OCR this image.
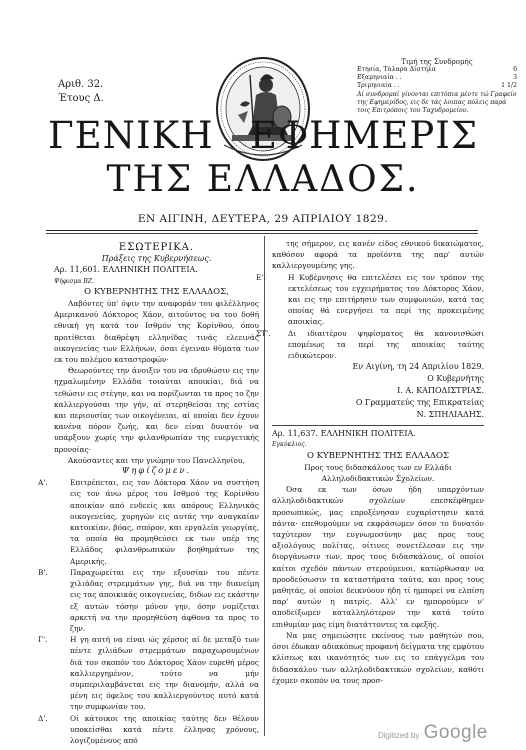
Αριθ. 32.
Έτους Δ.
Τιμή της Συνδρομής
Ετησία, Τάλαρα Δίστηλα	6
Εξαμηνιαία . .	3
Τριμηνιαία . .	1 1/2
Αί συνδρομαί γίνονται επιτόπια μέντε τώ Γραφείο της Εφημερίδος, εις δε τάς λοιπας πόλεις παρά τοις Επιτρόποις του Ταχυδρομείου.
ΓΕΝΙΚΗ ΕΦΗΜΕΡΙΣ
ΤΗΣ ΕΛΛΑΔΟΣ.
ΕΝ ΑΙΓΙΝΗ, ΔΕΥΤΕΡΑ, 29 ΑΠΡΙΛΙΟΥ 1829.

ΕΣΩΤΕΡΙΚΑ.

Πράξεις της Κυβερνήσεως.

Αρ. 11,601. ΕΛΛΗΝΙΚΗ ΠΟΛΙΤΕΙΑ.

Ψήφισμα ΒΖ.

Ο ΚΥΒΕΡΝΗΤΗΣ ΤΗΣ ΕΛΛΑΔΟΣ,

Λαβόντες ύπ' όψιν την αναφοράν του φιλέλληνος Αμερικανού Δόκτορος Χάον, αιτούντος να του δοθή εθνική γη κατά τον Ισθμόν της Κορίνθου, όπου προτίθεται διαθρέψη ελληνίδας τινάς ελεεινάς οικογενείας των Ελλήνων, όσαι έγειναν θύματα των εκ του πολέμου καταστροφών·

Θεωρούντες την άνοιξιν του να ιδρυθώσιν εις την ηχμαλωμένην Ελλάδα τοιαύται αποικίαι, διά να τεθώσιν εις στέγην, και να πορίζωνται τα προς το ζην καλλιεργούσαι την γήν, αί στερηθείσαι της εστίας και περιουσίας των οικογένειαι, αί οποίαι δεν έχουν κανένα πόρον ζωής, και δεν είναι δυνατόν να υπάρξουν χωρίς την φιλανθρωπίαν της ευεργετικής προνοίας·

Ακούσαντες και την γνώμην του Πανελληνίου,

Ψηφίζομεν.

Α'.	Επιτρέπεται, εις τον Δόκτορα Χάον να συστήση εις τον άνω μέρος του Ισθμού της Κορίνθου αποικίαν από ενδεείς και απόρους Ελληνικάς οικογενείας, χορηγών εις αυτάς την αναγκαίαν κατοικίαν, βόας, σπόρον, και εργαλεία γεωργίας, τα οποία θα προμηθεύσει εκ των υπέρ της Ελλάδος φιλανθρωπικών βοηθημάτων της Αμερικής.

Β'.	Παραχωρείται εις την εξουσίαν του πέντε χιλιάδας στρεμμάτων γης, διά να την διανείμη εις τας αποικικάς οικογενείας, διδων εις εκάστην εξ αυτών τόσην μόνον γην, όσην νομίζεται αρκετή να την προμηθεύση άφθονα τα προς το ζην.

Γ'.	Η γη αυτή να είναι ώς χέρσος αί δε μεταξύ των πέντε χιλιάδων στρεμμάτων παραχωρουμένων διά τον σκοπόν του Δόκτορος Χάον ευρεθή μέρος καλλιεργημένον, τούτο να μήν συμπεριλαμβάνεται εις την διανομήν, αλλά να μένη εις όφελος του καλλιεργούντος αυτό κατά την συμφωνίαν του.

Δ'.	Οί κάτοικοι της αποικίας ταύτης δεν θέλουν υποκείσθαι κατά πέντε έλληνας χρόνους, λογιζομένους από

της σήμερον, εις κανέν είδος εθνικού δικαιώματος, καθόσον αφορά τα προϊόντα της παρ' αυτών καλλιεργουμένης γης.

Ε'.	Η Κυβέρνησις θα επιτελέσει εις τον τρόπον της εκτελέσεως του εγχειρήματος του Δόκτορος Χάον, και εις την επιτήρησιν των συμφωνιών, κατά τας οποίας θά ενεργήσει τα περί της προκειμένης αποικίας.

ΣΤ'. Δι ιδιαιτέρου ψηφίσματος θα κανονισθώσι επομένως τα περί της αποικίας ταύτης ειδικώτερον.

Εν Αιγίνη, τη 24 Απριλίου 1829.

Ο Κυβερνήτης

Ι. Α. ΚΑΠΟΔΙΣΤΡΙΑΣ.

Ο Γραμματεύς της Επικρατείας

Ν. ΣΠΗΛΙΑΔΗΣ.

Αρ. 11,637. ΕΛΛΗΝΙΚΗ ΠΟΛΙΤΕΙΑ.

Εγκύκλιος.

Ο ΚΥΒΕΡΝΗΤΗΣ ΤΗΣ ΕΛΛΑΔΟΣ

Προς τους διδασκάλους των εν Ελλάδι Αλληλοδιδακτικών Σχολείων.

Όσα εκ των όσων ήδη υπαρχόντων αλληλοδιδακτικών σχολείων επεσκέφθημεν προσωπικώς, μας επροξένησαν ευχαρίστησιν κατά πάντα· επεθυμούμεν να εκφράσωμεν όσον το δυνατόν ταχύτερον την ευγνωμοσύνην μας προς τους αξιολόγους πολίτας, οίτινες συνετέλεσαν εις την διοργάνωσιν των, προς τους διδασκάλους, οί οποίοι καίτοι σχεδόν πάντων στερούμενοι, κατώρθωσαν να προοδεύσωσιν τα καταστήματα ταύτα, και προς τους μαθητάς, οί οποίοι δεικνύουν ήδη τί ημπορεί να ελπίση παρ' αυτών η πατρίς. Αλλ' εν ημπορούμεν ν' αποδείξωμεν καταλληλότερον την κατά τούτο επιθυμίαν μας είμη διατάττοντες τα εφεξής.

Να μας σημειώσητε εκείνους των μαθητών σου, όσοι έδωκαν αδιακόπως προφανή δείγματα της εμφύτου κλίσεως και ικανότητός των εις το επάγγελμα του διδασκάλου των αλληλοδιδακτικών σχολείων, καθότι έχομεν σκοπόν να τους προσ-

Digitized by Google
